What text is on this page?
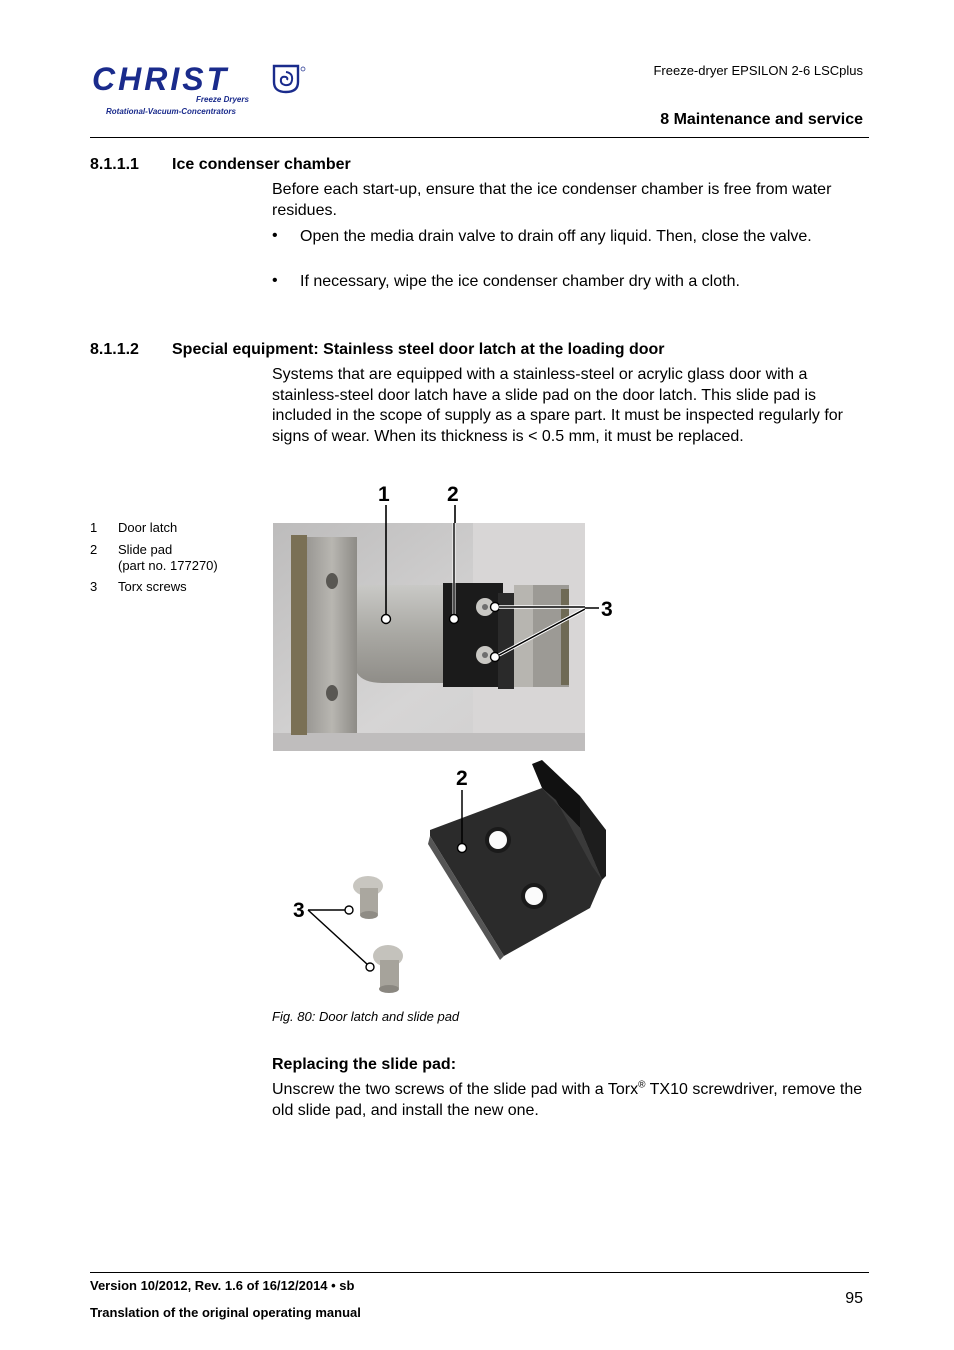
CHRIST
Freeze Dryers
Rotational-Vacuum-Concentrators
Freeze-dryer EPSILON 2-6 LSCplus
8 Maintenance and service
8.1.1.1 Ice condenser chamber
Before each start-up, ensure that the ice condenser chamber is free from water residues.
• Open the media drain valve to drain off any liquid. Then, close the valve.
• If necessary, wipe the ice condenser chamber dry with a cloth.
8.1.1.2 Special equipment: Stainless steel door latch at the loading door
Systems that are equipped with a stainless-steel or acrylic glass door with a stainless-steel door latch have a slide pad on the door latch. This slide pad is included in the scope of supply as a spare part. It must be inspected regularly for signs of wear. When its thickness is < 0.5 mm, it must be replaced.
1 Door latch
2 Slide pad
(part no. 177270)
3 Torx screws
1	2
3
2
3
Fig. 80: Door latch and slide pad
Replacing the slide pad:
Unscrew the two screws of the slide pad with a Torx® TX10 screwdriver, remove the old slide pad, and install the new one.
Version 10/2012, Rev. 1.6 of 16/12/2014 • sb
Translation of the original operating manual
95
